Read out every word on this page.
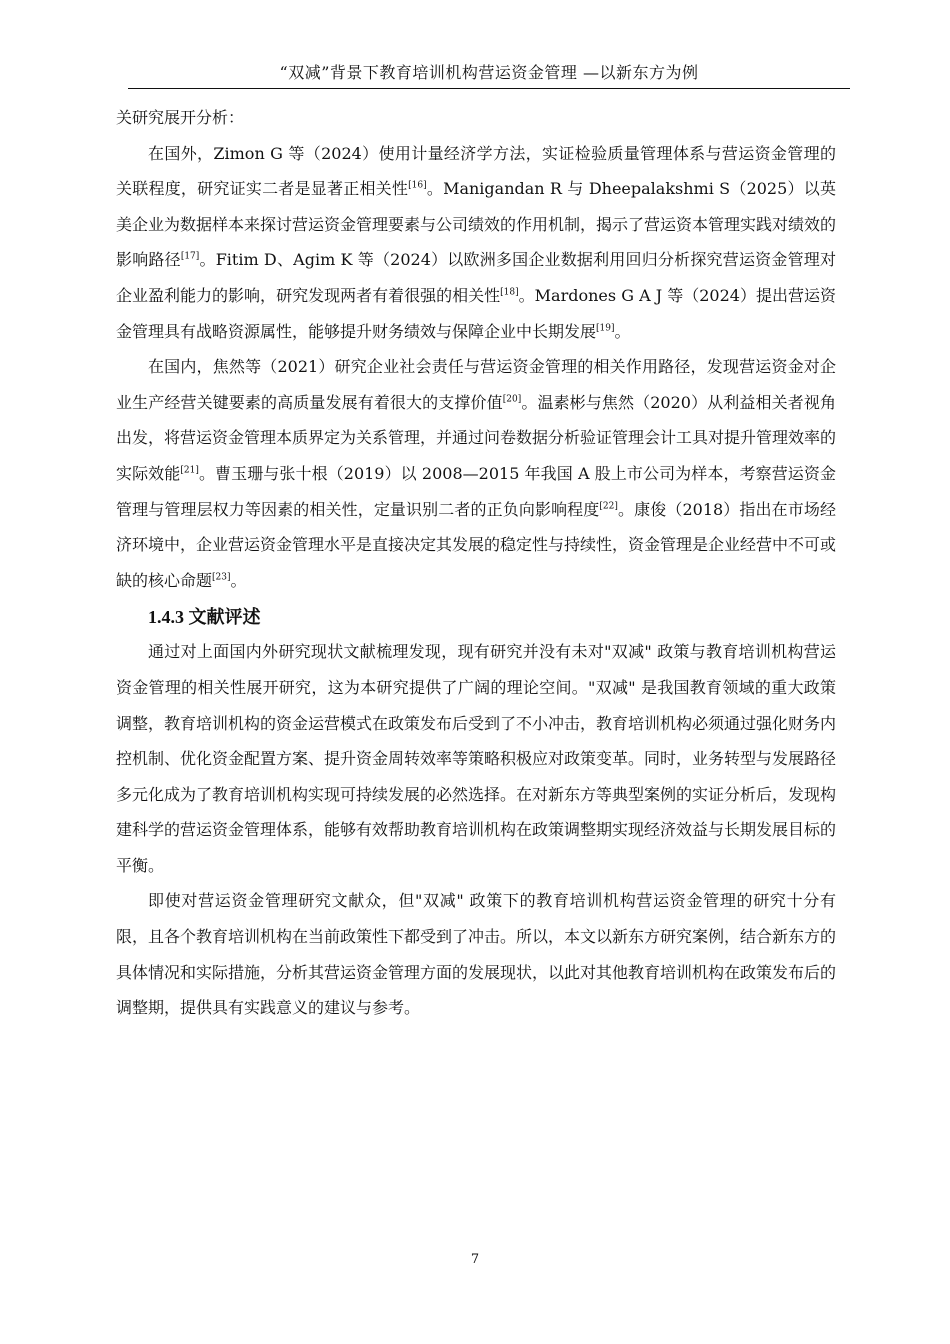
“双减”背景下教育培训机构营运资金管理 —以新东方为例

关研究展开分析：

在国外，Zimon G 等（2024）使用计量经济学方法，实证检验质量管理体系与营运资金管理的关联程度，研究证实二者是显著正相关性[16]。Manigandan R 与 Dheepalakshmi S（2025）以英美企业为数据样本来探讨营运资金管理要素与公司绩效的作用机制，揭示了营运资本管理实践对绩效的影响路径[17]。Fitim D、Agim K 等（2024）以欧洲多国企业数据利用回归分析探究营运资金管理对企业盈利能力的影响，研究发现两者有着很强的相关性[18]。Mardones G A J 等（2024）提出营运资金管理具有战略资源属性，能够提升财务绩效与保障企业中长期发展[19]。

在国内，焦然等（2021）研究企业社会责任与营运资金管理的相关作用路径，发现营运资金对企业生产经营关键要素的高质量发展有着很大的支撑价值[20]。温素彬与焦然（2020）从利益相关者视角出发，将营运资金管理本质界定为关系管理，并通过问卷数据分析验证管理会计工具对提升管理效率的实际效能[21]。曹玉珊与张十根（2019）以 2008—2015 年我国 A 股上市公司为样本，考察营运资金管理与管理层权力等因素的相关性，定量识别二者的正负向影响程度[22]。康俊（2018）指出在市场经济环境中，企业营运资金管理水平是直接决定其发展的稳定性与持续性，资金管理是企业经营中不可或缺的核心命题[23]。

1.4.3 文献评述

通过对上面国内外研究现状文献梳理发现，现有研究并没有未对"双减" 政策与教育培训机构营运资金管理的相关性展开研究，这为本研究提供了广阔的理论空间。"双减" 是我国教育领域的重大政策调整，教育培训机构的资金运营模式在政策发布后受到了不小冲击，教育培训机构必须通过强化财务内控机制、优化资金配置方案、提升资金周转效率等策略积极应对政策变革。同时，业务转型与发展路径多元化成为了教育培训机构实现可持续发展的必然选择。在对新东方等典型案例的实证分析后，发现构建科学的营运资金管理体系，能够有效帮助教育培训机构在政策调整期实现经济效益与长期发展目标的平衡。

即使对营运资金管理研究文献众，但"双减" 政策下的教育培训机构营运资金管理的研究十分有限，且各个教育培训机构在当前政策性下都受到了冲击。所以，本文以新东方研究案例，结合新东方的具体情况和实际措施，分析其营运资金管理方面的发展现状，以此对其他教育培训机构在政策发布后的调整期，提供具有实践意义的建议与参考。

7
